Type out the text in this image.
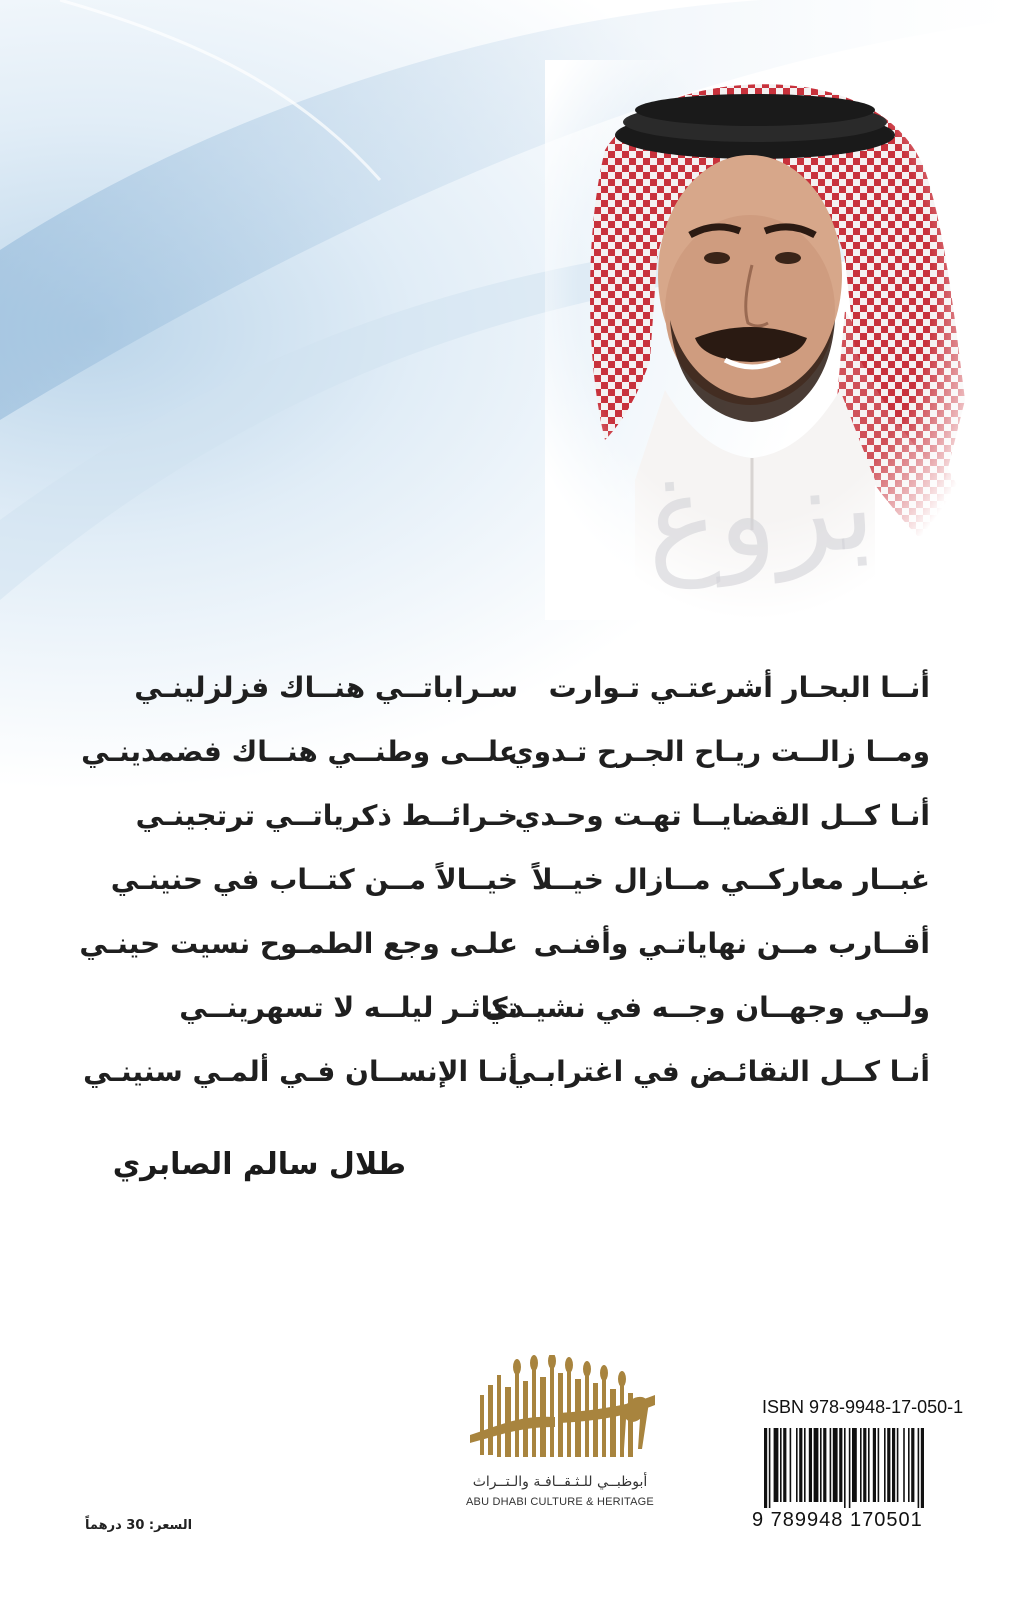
بزوغ
أنــا البحـار أشرعتـي تـوارت
سـراباتــي هنــاك فزلزلينـي
ومــا زالــت ريـاح الجـرح تـدوي
علــى وطنــي هنــاك فضمدينـي
أنـا كــل القضايــا تهـت وحـدي
خـرائــط ذكرياتــي ترتجينـي
غبــار معاركــي مــازال خيــلاً
خيــالاً مــن كتــاب في حنينـي
أقــارب مــن نهاياتـي وأفنـى
علـى وجع الطمـوح نسيت حينـي
ولــي وجهــان وجــه في نشيـدي
تكاثـر ليلــه لا تسهرينــي
أنـا كــل النقائـض في اغترابـي
أنـا الإنســان فـي ألمـي سنينـي
طلال سالم الصابري
أبوظبــي للـثـقــافـة والـتــراث
ABU DHABI CULTURE & HERITAGE
ISBN 978-9948-17-050-1
9 789948 170501
السعر: 30 درهماً
